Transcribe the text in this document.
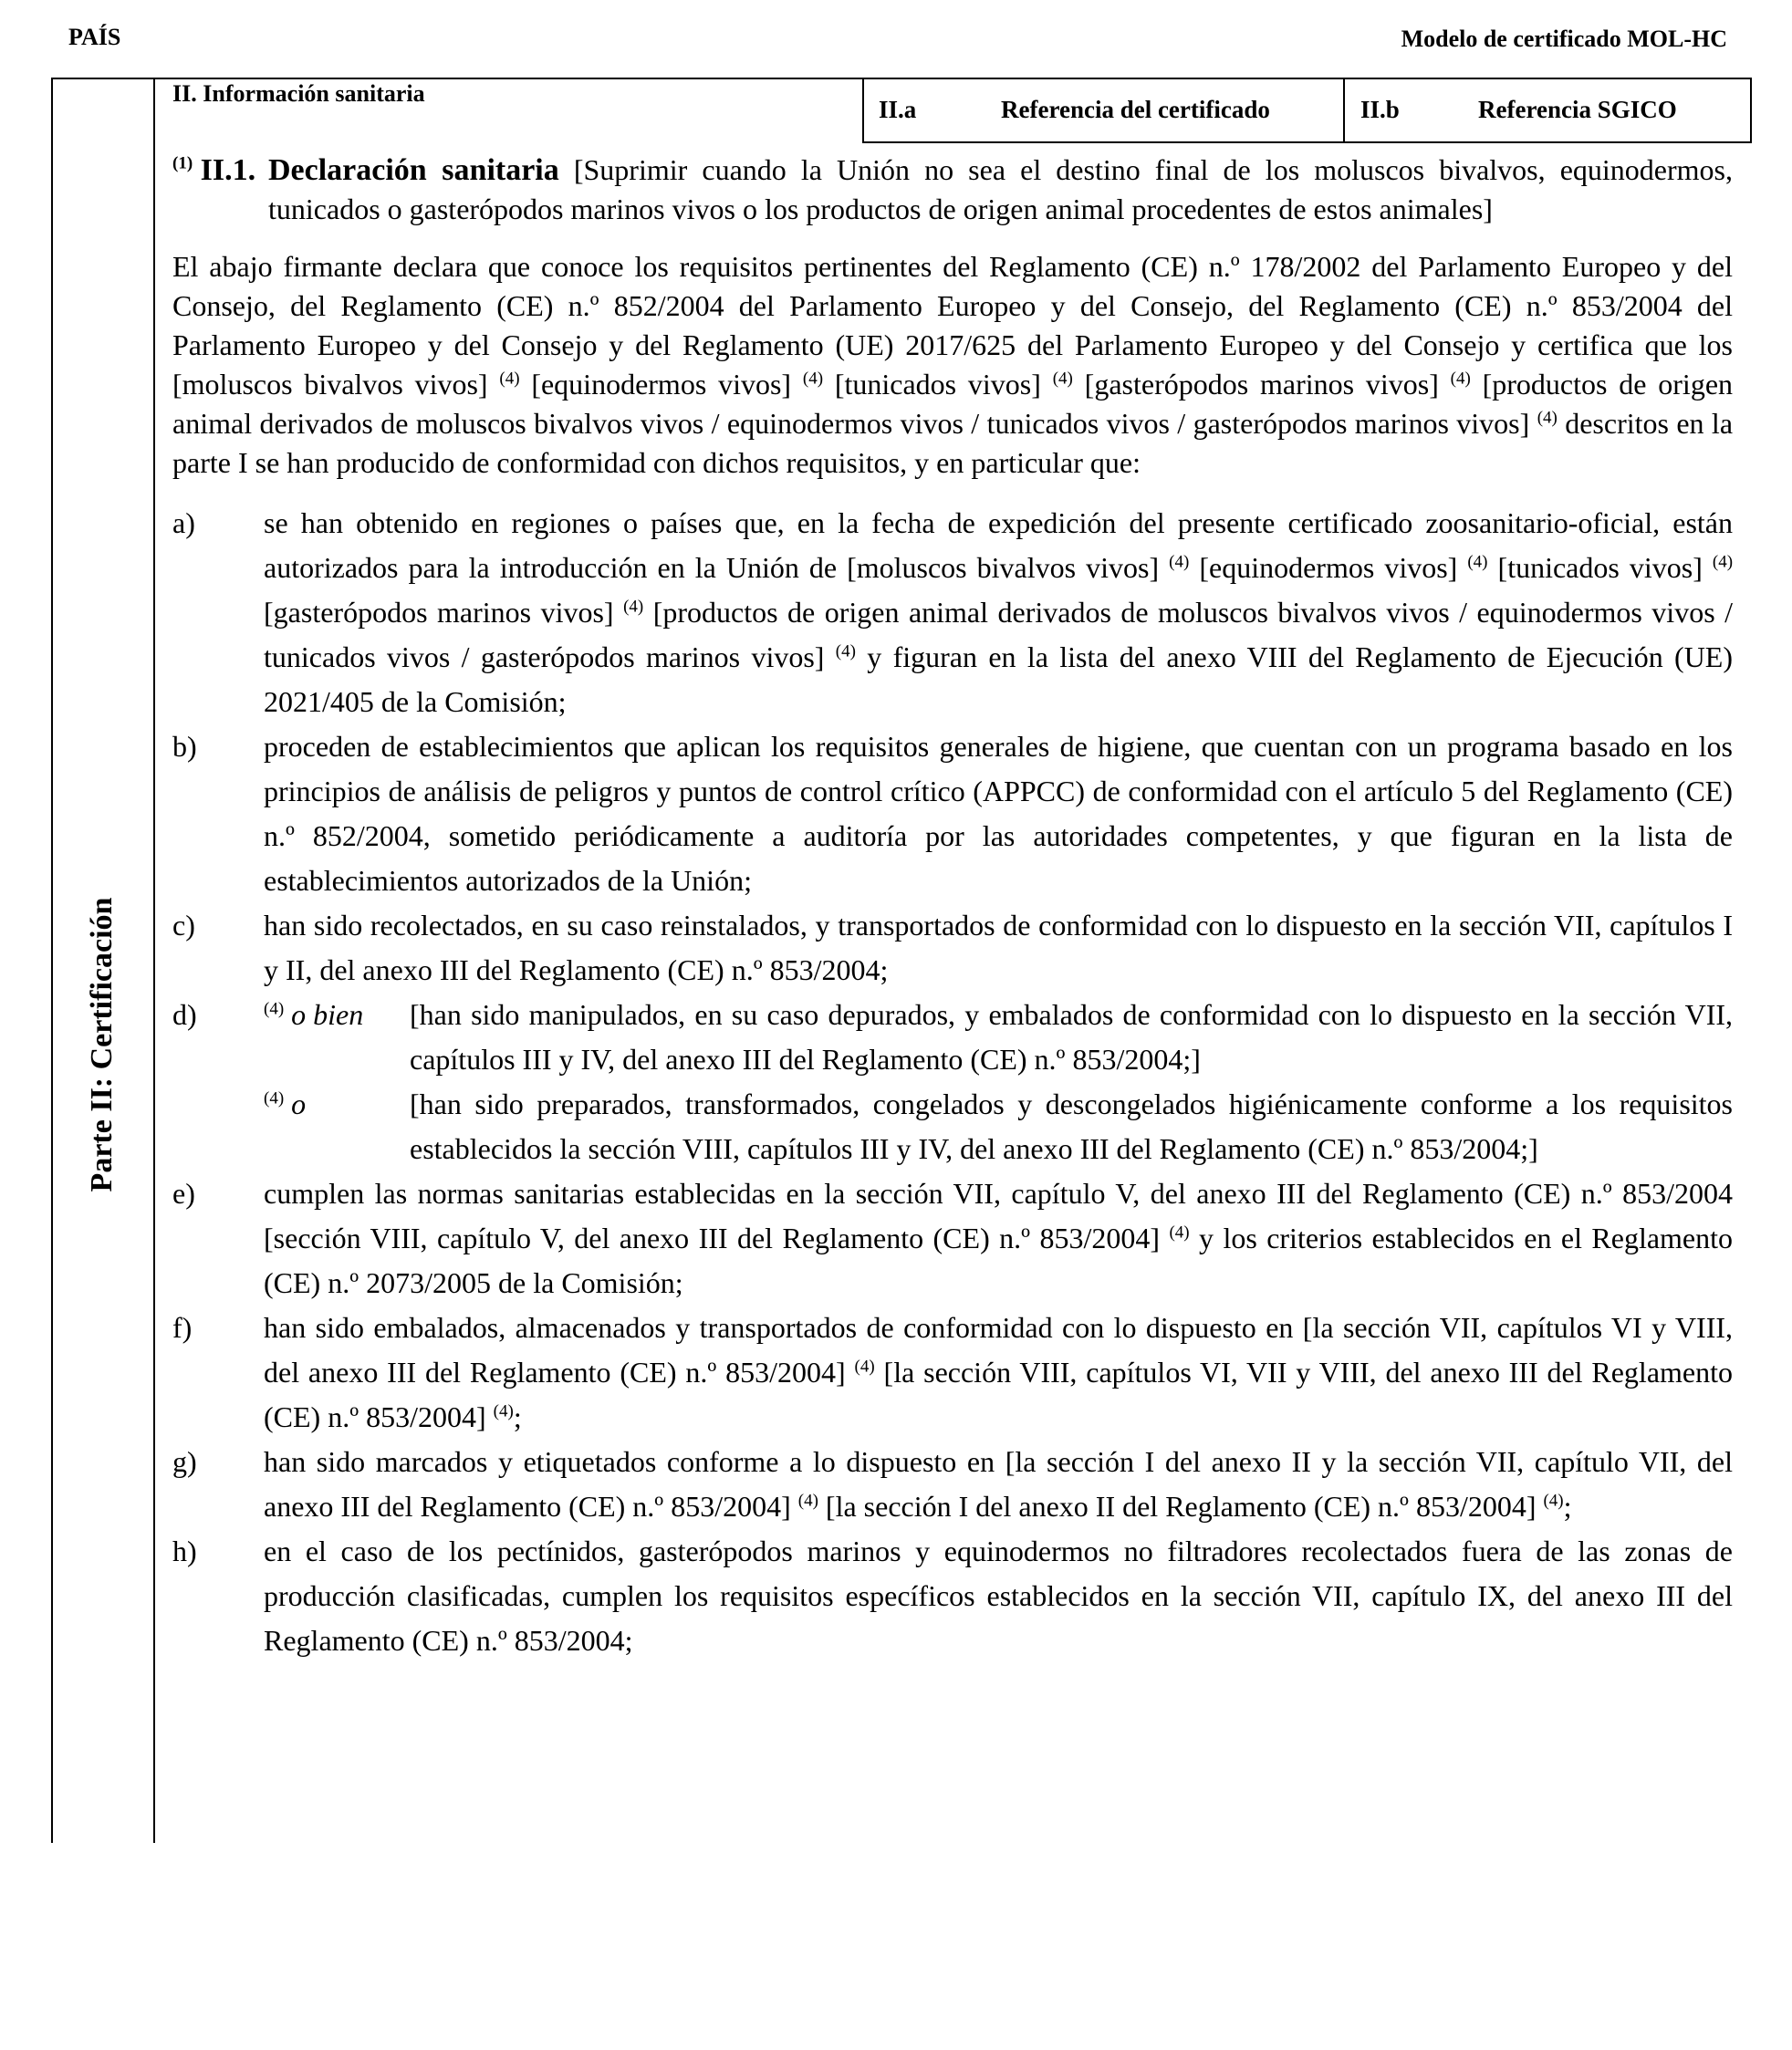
PAÍS	Modelo de certificado MOL-HC
Parte II: Certificación
II. Información sanitaria
II.a	Referencia del certificado	II.b	Referencia SGICO
$^{(1)}$ II.1. Declaración sanitaria [Suprimir cuando la Unión no sea el destino final de los moluscos bivalvos, equinodermos, tunicados o gasterópodos marinos vivos o los productos de origen animal procedentes de estos animales]
El abajo firmante declara que conoce los requisitos pertinentes del Reglamento (CE) n.º 178/2002 del Parlamento Europeo y del Consejo, del Reglamento (CE) n.º 852/2004 del Parlamento Europeo y del Consejo, del Reglamento (CE) n.º 853/2004 del Parlamento Europeo y del Consejo y del Reglamento (UE) 2017/625 del Parlamento Europeo y del Consejo y certifica que los [moluscos bivalvos vivos] $^{(4)}$ [equinodermos vivos] $^{(4)}$ [tunicados vivos] $^{(4)}$ [gasterópodos marinos vivos] $^{(4)}$ [productos de origen animal derivados de moluscos bivalvos vivos / equinodermos vivos / tunicados vivos / gasterópodos marinos vivos] $^{(4)}$ descritos en la parte I se han producido de conformidad con dichos requisitos, y en particular que:
a) se han obtenido en regiones o países que, en la fecha de expedición del presente certificado zoosanitario-oficial, están autorizados para la introducción en la Unión de [moluscos bivalvos vivos] $^{(4)}$ [equinodermos vivos] $^{(4)}$ [tunicados vivos] $^{(4)}$ [gasterópodos marinos vivos] $^{(4)}$ [productos de origen animal derivados de moluscos bivalvos vivos / equinodermos vivos / tunicados vivos / gasterópodos marinos vivos] $^{(4)}$ y figuran en la lista del anexo VIII del Reglamento de Ejecución (UE) 2021/405 de la Comisión;
b) proceden de establecimientos que aplican los requisitos generales de higiene, que cuentan con un programa basado en los principios de análisis de peligros y puntos de control crítico (APPCC) de conformidad con el artículo 5 del Reglamento (CE) n.º 852/2004, sometido periódicamente a auditoría por las autoridades competentes, y que figuran en la lista de establecimientos autorizados de la Unión;
c) han sido recolectados, en su caso reinstalados, y transportados de conformidad con lo dispuesto en la sección VII, capítulos I y II, del anexo III del Reglamento (CE) n.º 853/2004;
d)	$^{(4)}$ o bien [han sido manipulados, en su caso depurados, y embalados de conformidad con lo dispuesto en la sección VII, capítulos III y IV, del anexo III del Reglamento (CE) n.º 853/2004;]
$^{(4)}$ o	[han sido preparados, transformados, congelados y descongelados higiénicamente conforme a los requisitos establecidos la sección VIII, capítulos III y IV, del anexo III del Reglamento (CE) n.º 853/2004;]
e) cumplen las normas sanitarias establecidas en la sección VII, capítulo V, del anexo III del Reglamento (CE) n.º 853/2004 [sección VIII, capítulo V, del anexo III del Reglamento (CE) n.º 853/2004] $^{(4)}$ y los criterios establecidos en el Reglamento (CE) n.º 2073/2005 de la Comisión;
f) han sido embalados, almacenados y transportados de conformidad con lo dispuesto en [la sección VII, capítulos VI y VIII, del anexo III del Reglamento (CE) n.º 853/2004] $^{(4)}$ [la sección VIII, capítulos VI, VII y VIII, del anexo III del Reglamento (CE) n.º 853/2004] $^{(4)}$;
g) han sido marcados y etiquetados conforme a lo dispuesto en [la sección I del anexo II y la sección VII, capítulo VII, del anexo III del Reglamento (CE) n.º 853/2004] $^{(4)}$ [la sección I del anexo II del Reglamento (CE) n.º 853/2004] $^{(4)}$;
h) en el caso de los pectínidos, gasterópodos marinos y equinodermos no filtradores recolectados fuera de las zonas de producción clasificadas, cumplen los requisitos específicos establecidos en la sección VII, capítulo IX, del anexo III del Reglamento (CE) n.º 853/2004;
